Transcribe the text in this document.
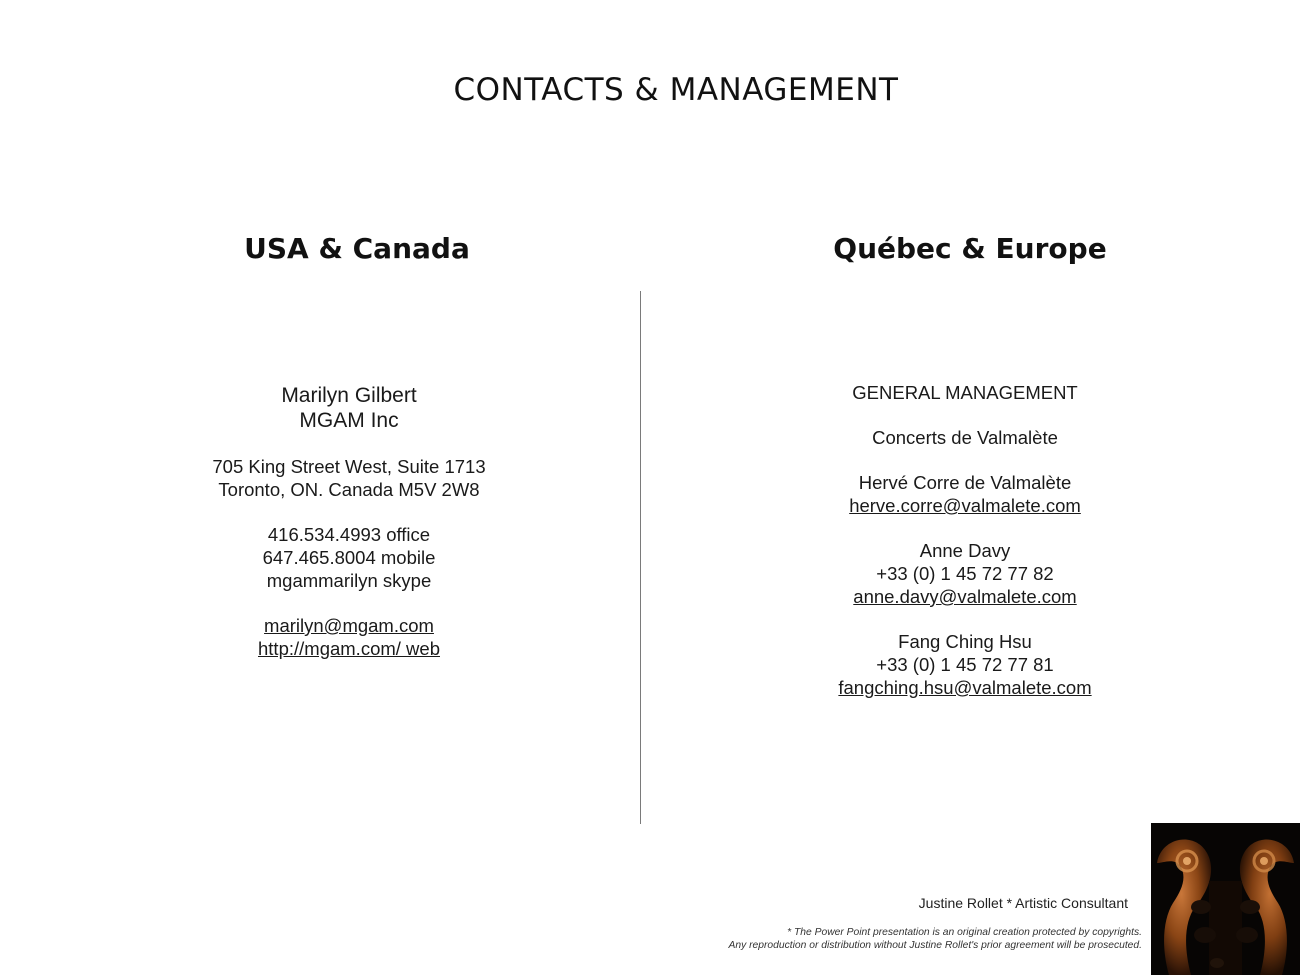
CONTACTS & MANAGEMENT
USA & Canada	Québec & Europe
Marilyn Gilbert
MGAM Inc
705 King Street West, Suite 1713
Toronto, ON. Canada M5V 2W8
416.534.4993 office
647.465.8004 mobile
mgammarilyn skype
marilyn@mgam.com
http://mgam.com/ web
GENERAL MANAGEMENT
Concerts de Valmalète
Hervé Corre de Valmalète
herve.corre@valmalete.com
Anne Davy
+33 (0) 1 45 72 77 82
anne.davy@valmalete.com
Fang Ching Hsu
+33 (0) 1 45 72 77 81
fangching.hsu@valmalete.com
Justine Rollet * Artistic Consultant
* The Power Point presentation is an original creation protected by copyrights.
Any reproduction or distribution without Justine Rollet's prior agreement will be prosecuted.
